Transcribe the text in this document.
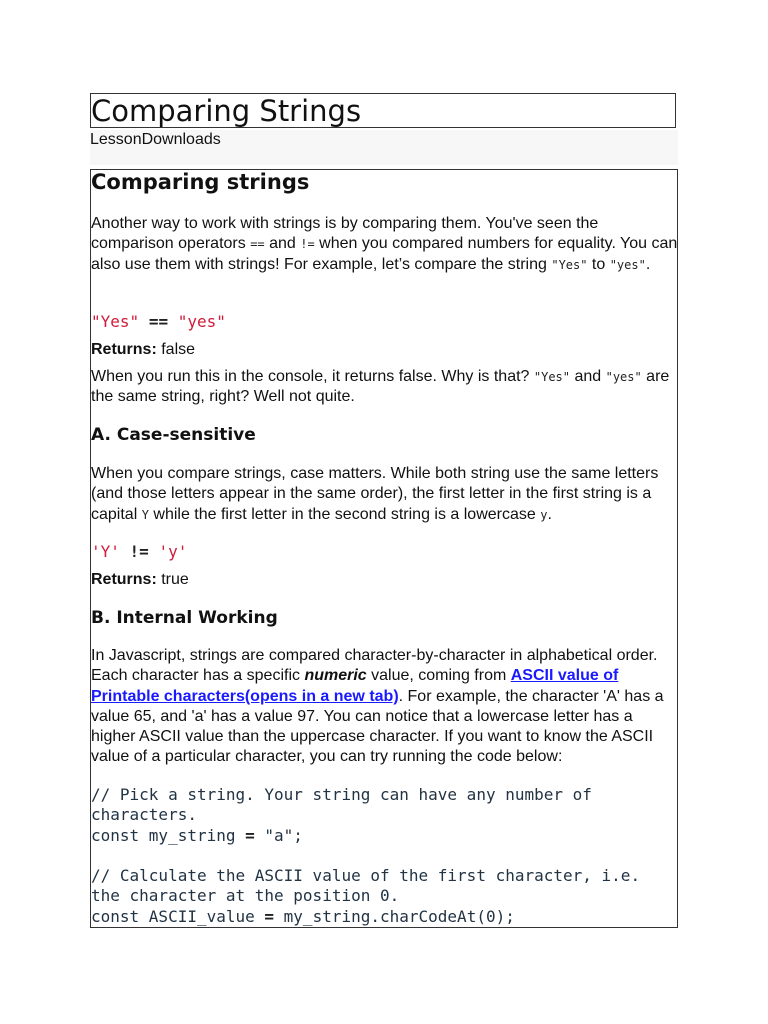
Comparing Strings
LessonDownloads
Comparing strings

Another way to work with strings is by comparing them. You've seen the comparison operators == and != when you compared numbers for equality. You can also use them with strings! For example, let’s compare the string "Yes" to "yes".

"Yes" == "yes"

Returns: false

When you run this in the console, it returns false. Why is that? "Yes" and "yes" are the same string, right? Well not quite.

A. Case-sensitive

When you compare strings, case matters. While both string use the same letters (and those letters appear in the same order), the first letter in the first string is a capital Y while the first letter in the second string is a lowercase y.

'Y' != 'y'

Returns: true

B. Internal Working

In Javascript, strings are compared character-by-character in alphabetical order. Each character has a specific numeric value, coming from ASCII value of Printable characters(opens in a new tab). For example, the character 'A' has a value 65, and 'a' has a value 97. You can notice that a lowercase letter has a higher ASCII value than the uppercase character. If you want to know the ASCII value of a particular character, you can try running the code below:

// Pick a string. Your string can have any number of
characters.
const my_string = "a";

// Calculate the ASCII value of the first character, i.e.
the character at the position 0.
const ASCII_value = my_string.charCodeAt(0);
